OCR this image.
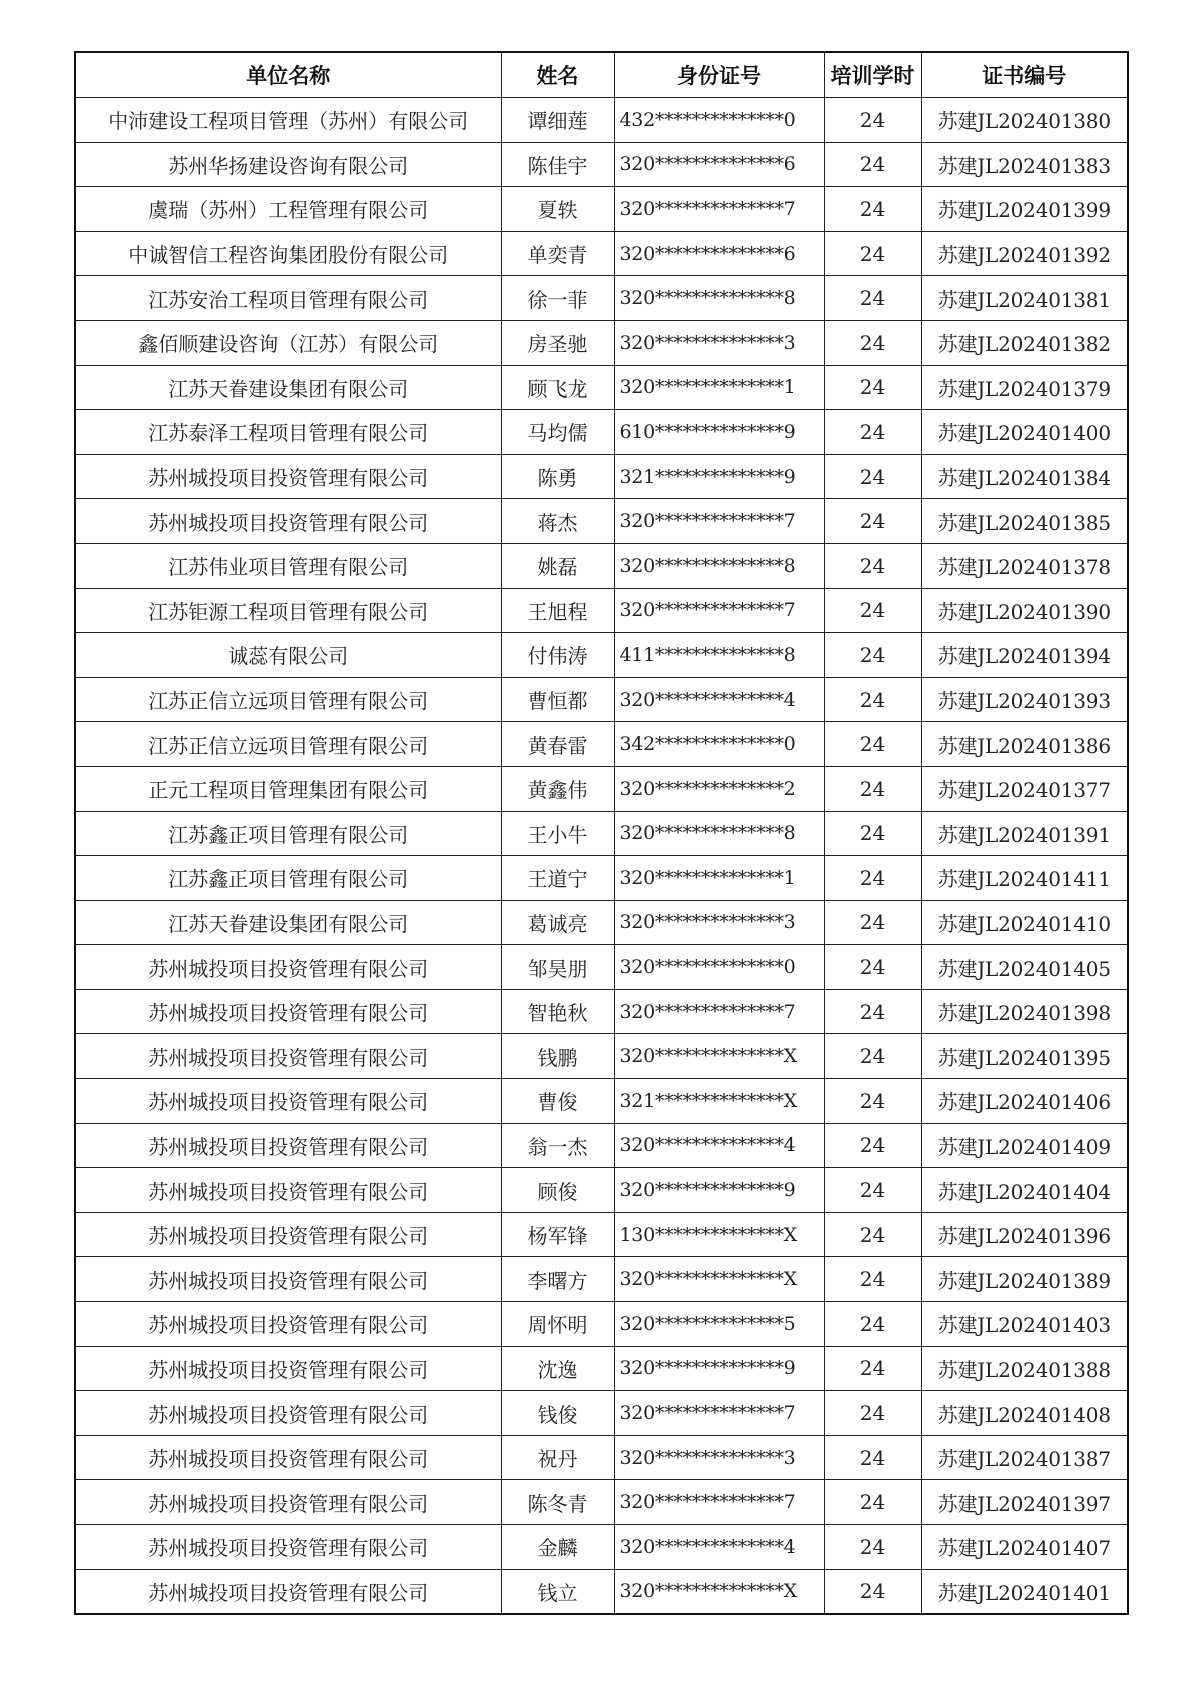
单位名称	姓名	身份证号	培训学时	证书编号
中沛建设工程项目管理（苏州）有限公司	谭细莲	432**************0	24	苏建JL202401380
苏州华扬建设咨询有限公司	陈佳宇	320**************6	24	苏建JL202401383
虞瑞（苏州）工程管理有限公司	夏轶	320**************7	24	苏建JL202401399
中诚智信工程咨询集团股份有限公司	单奕青	320**************6	24	苏建JL202401392
江苏安治工程项目管理有限公司	徐一菲	320**************8	24	苏建JL202401381
鑫佰顺建设咨询（江苏）有限公司	房圣驰	320**************3	24	苏建JL202401382
江苏天眷建设集团有限公司	顾飞龙	320**************1	24	苏建JL202401379
江苏泰泽工程项目管理有限公司	马均儒	610**************9	24	苏建JL202401400
苏州城投项目投资管理有限公司	陈勇	321**************9	24	苏建JL202401384
苏州城投项目投资管理有限公司	蒋杰	320**************7	24	苏建JL202401385
江苏伟业项目管理有限公司	姚磊	320**************8	24	苏建JL202401378
江苏钜源工程项目管理有限公司	王旭程	320**************7	24	苏建JL202401390
诚蕊有限公司	付伟涛	411**************8	24	苏建JL202401394
江苏正信立远项目管理有限公司	曹恒都	320**************4	24	苏建JL202401393
江苏正信立远项目管理有限公司	黄春雷	342**************0	24	苏建JL202401386
正元工程项目管理集团有限公司	黄鑫伟	320**************2	24	苏建JL202401377
江苏鑫正项目管理有限公司	王小牛	320**************8	24	苏建JL202401391
江苏鑫正项目管理有限公司	王道宁	320**************1	24	苏建JL202401411
江苏天眷建设集团有限公司	葛诚亮	320**************3	24	苏建JL202401410
苏州城投项目投资管理有限公司	邹昊朋	320**************0	24	苏建JL202401405
苏州城投项目投资管理有限公司	智艳秋	320**************7	24	苏建JL202401398
苏州城投项目投资管理有限公司	钱鹏	320**************X	24	苏建JL202401395
苏州城投项目投资管理有限公司	曹俊	321**************X	24	苏建JL202401406
苏州城投项目投资管理有限公司	翁一杰	320**************4	24	苏建JL202401409
苏州城投项目投资管理有限公司	顾俊	320**************9	24	苏建JL202401404
苏州城投项目投资管理有限公司	杨军锋	130**************X	24	苏建JL202401396
苏州城投项目投资管理有限公司	李曙方	320**************X	24	苏建JL202401389
苏州城投项目投资管理有限公司	周怀明	320**************5	24	苏建JL202401403
苏州城投项目投资管理有限公司	沈逸	320**************9	24	苏建JL202401388
苏州城投项目投资管理有限公司	钱俊	320**************7	24	苏建JL202401408
苏州城投项目投资管理有限公司	祝丹	320**************3	24	苏建JL202401387
苏州城投项目投资管理有限公司	陈冬青	320**************7	24	苏建JL202401397
苏州城投项目投资管理有限公司	金麟	320**************4	24	苏建JL202401407
苏州城投项目投资管理有限公司	钱立	320**************X	24	苏建JL202401401
